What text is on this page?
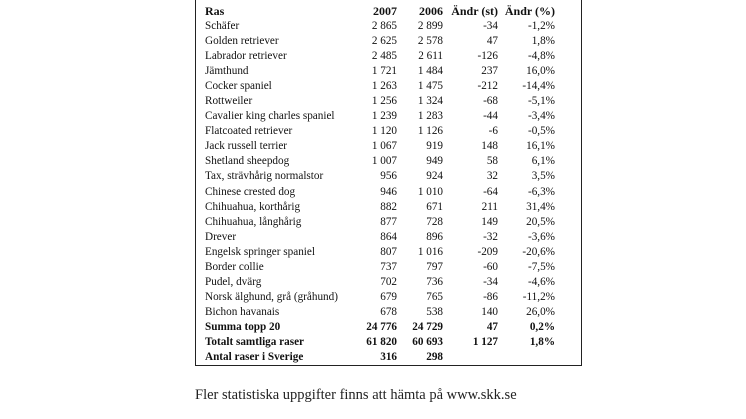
Ras	2007	2006	Ändr (st)	Ändr (%)
Schäfer	2 865	2 899	-34	-1,2%
Golden retriever	2 625	2 578	47	1,8%
Labrador retriever	2 485	2 611	-126	-4,8%
Jämthund	1 721	1 484	237	16,0%
Cocker spaniel	1 263	1 475	-212	-14,4%
Rottweiler	1 256	1 324	-68	-5,1%
Cavalier king charles spaniel	1 239	1 283	-44	-3,4%
Flatcoated retriever	1 120	1 126	-6	-0,5%
Jack russell terrier	1 067	919	148	16,1%
Shetland sheepdog	1 007	949	58	6,1%
Tax, strävhårig normalstor	956	924	32	3,5%
Chinese crested dog	946	1 010	-64	-6,3%
Chihuahua, korthårig	882	671	211	31,4%
Chihuahua, långhårig	877	728	149	20,5%
Drever	864	896	-32	-3,6%
Engelsk springer spaniel	807	1 016	-209	-20,6%
Border collie	737	797	-60	-7,5%
Pudel, dvärg	702	736	-34	-4,6%
Norsk älghund, grå (gråhund)	679	765	-86	-11,2%
Bichon havanais	678	538	140	26,0%
Summa topp 20	24 776	24 729	47	0,2%
Totalt samtliga raser	61 820	60 693	1 127	1,8%
Antal raser i Sverige	316	298		
Fler statistiska uppgifter finns att hämta på www.skk.se
